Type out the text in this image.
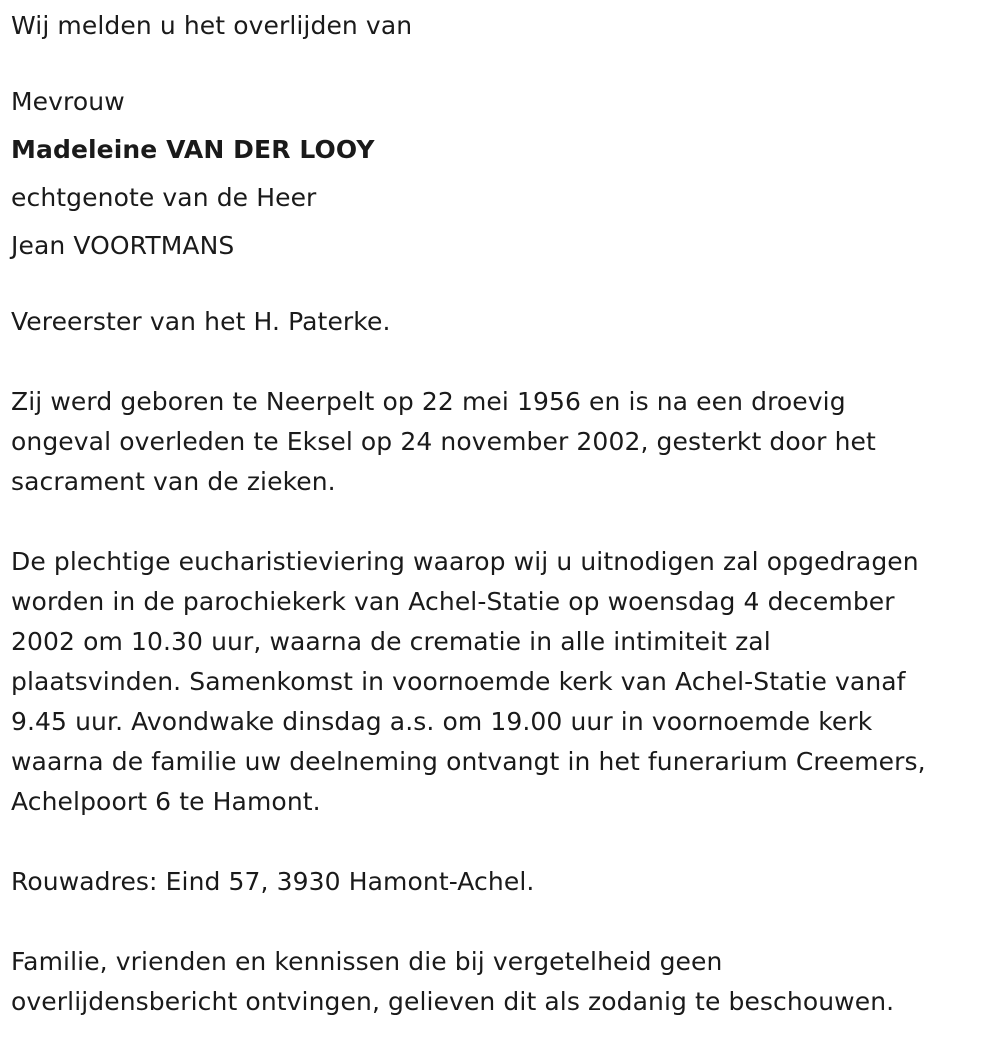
Wij melden u het overlijden van
Mevrouw
Madeleine VAN DER LOOY
echtgenote van de Heer
Jean VOORTMANS
Vereerster van het H. Paterke.
Zij werd geboren te Neerpelt op 22 mei 1956 en is na een droevig
ongeval overleden te Eksel op 24 november 2002, gesterkt door het
sacrament van de zieken.
De plechtige eucharistieviering waarop wij u uitnodigen zal opgedragen
worden in de parochiekerk van Achel-Statie op woensdag 4 december
2002 om 10.30 uur, waarna de crematie in alle intimiteit zal
plaatsvinden. Samenkomst in voornoemde kerk van Achel-Statie vanaf
9.45 uur. Avondwake dinsdag a.s. om 19.00 uur in voornoemde kerk
waarna de familie uw deelneming ontvangt in het funerarium Creemers,
Achelpoort 6 te Hamont.
Rouwadres: Eind 57, 3930 Hamont-Achel.
Familie, vrienden en kennissen die bij vergetelheid geen
overlijdensbericht ontvingen, gelieven dit als zodanig te beschouwen.
